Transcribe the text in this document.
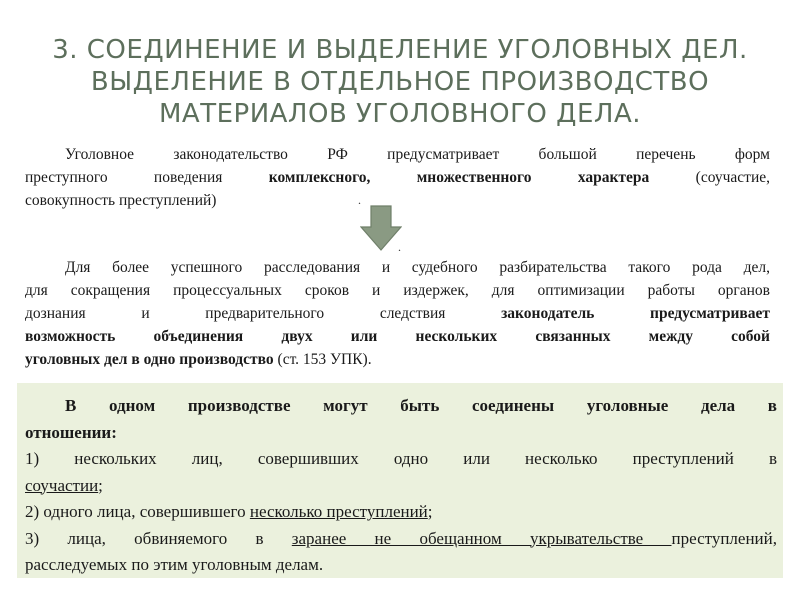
3. СОЕДИНЕНИЕ И ВЫДЕЛЕНИЕ УГОЛОВНЫХ ДЕЛ.
ВЫДЕЛЕНИЕ В ОТДЕЛЬНОЕ ПРОИЗВОДСТВО
МАТЕРИАЛОВ УГОЛОВНОГО ДЕЛА.
Уголовное законодательство РФ предусматривает большой перечень форм
преступного поведения комплексного, множественного характера (соучастие,
совокупность преступлений)	.
.
Для более успешного расследования и судебного разбирательства такого рода дел,
для сокращения процессуальных сроков и издержек, для оптимизации работы органов
дознания и предварительного следствия законодатель предусматривает
возможность объединения двух или нескольких связанных между собой
уголовных дел в одно производство (ст. 153 УПК).
В одном производстве могут быть соединены уголовные дела в
отношении:
1) нескольких лиц, совершивших одно или несколько преступлений в
соучастии;
2) одного лица, совершившего несколько преступлений;
3) лица, обвиняемого в заранее не обещанном укрывательстве преступлений,
расследуемых по этим уголовным делам.
